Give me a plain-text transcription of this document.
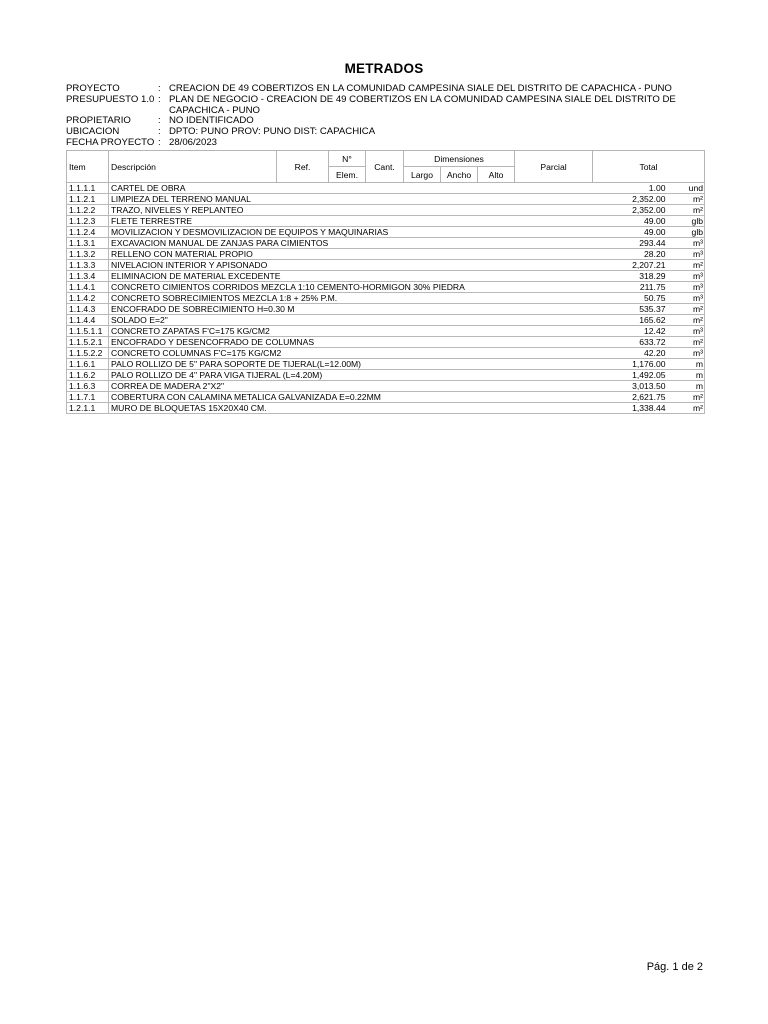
METRADOS
PROYECTO	: CREACION DE 49 COBERTIZOS EN LA COMUNIDAD CAMPESINA SIALE DEL DISTRITO DE CAPACHICA - PUNO
PRESUPUESTO 1.0 : PLAN DE NEGOCIO - CREACION DE 49 COBERTIZOS EN LA COMUNIDAD CAMPESINA SIALE DEL DISTRITO DE CAPACHICA - PUNO
PROPIETARIO	: NO IDENTIFICADO
UBICACION	: DPTO: PUNO PROV: PUNO DIST: CAPACHICA
FECHA PROYECTO : 28/06/2023
Item	Descripción	Ref.	N°	Cant.	Dimensiones			Parcial	Total	
			Elem.		Largo	Ancho	Alto			
1.1.1.1	CARTEL DE OBRA							1.00		und
1.1.2.1	LIMPIEZA DEL TERRENO MANUAL							2,352.00		m²
1.1.2.2	TRAZO, NIVELES Y REPLANTEO							2,352.00		m²
1.1.2.3	FLETE TERRESTRE							49.00		glb
1.1.2.4	MOVILIZACION Y DESMOVILIZACION DE EQUIPOS Y MAQUINARIAS							49.00		glb
1.1.3.1	EXCAVACION MANUAL DE ZANJAS PARA CIMIENTOS							293.44		m³
1.1.3.2	RELLENO CON MATERIAL PROPIO							28.20		m³
1.1.3.3	NIVELACION INTERIOR Y APISONADO							2,207.21		m²
1.1.3.4	ELIMINACION DE MATERIAL EXCEDENTE							318.29		m³
1.1.4.1	CONCRETO CIMIENTOS CORRIDOS MEZCLA 1:10 CEMENTO-HORMIGON 30% PIEDRA							211.75		m³
1.1.4.2	CONCRETO SOBRECIMIENTOS MEZCLA 1:8 + 25% P.M.							50.75		m³
1.1.4.3	ENCOFRADO DE SOBRECIMIENTO H=0.30 M							535.37		m²
1.1.4.4	SOLADO E=2"							165.62		m²
1.1.5.1.1	CONCRETO ZAPATAS F'C=175 KG/CM2							12.42		m³
1.1.5.2.1	ENCOFRADO Y DESENCOFRADO DE COLUMNAS							633.72		m²
1.1.5.2.2	CONCRETO COLUMNAS F'C=175 KG/CM2							42.20		m³
1.1.6.1	PALO ROLLIZO DE 5" PARA SOPORTE DE TIJERAL(L=12.00M)							1,176.00		m
1.1.6.2	PALO ROLLIZO DE 4" PARA VIGA TIJERAL (L=4.20M)							1,492.05		m
1.1.6.3	CORREA DE MADERA 2"X2"							3,013.50		m
1.1.7.1	COBERTURA CON CALAMINA METALICA GALVANIZADA E=0.22MM							2,621.75		m²
1.2.1.1	MURO DE BLOQUETAS 15X20X40 CM.							1,338.44		m²
Pág. 1 de 2
